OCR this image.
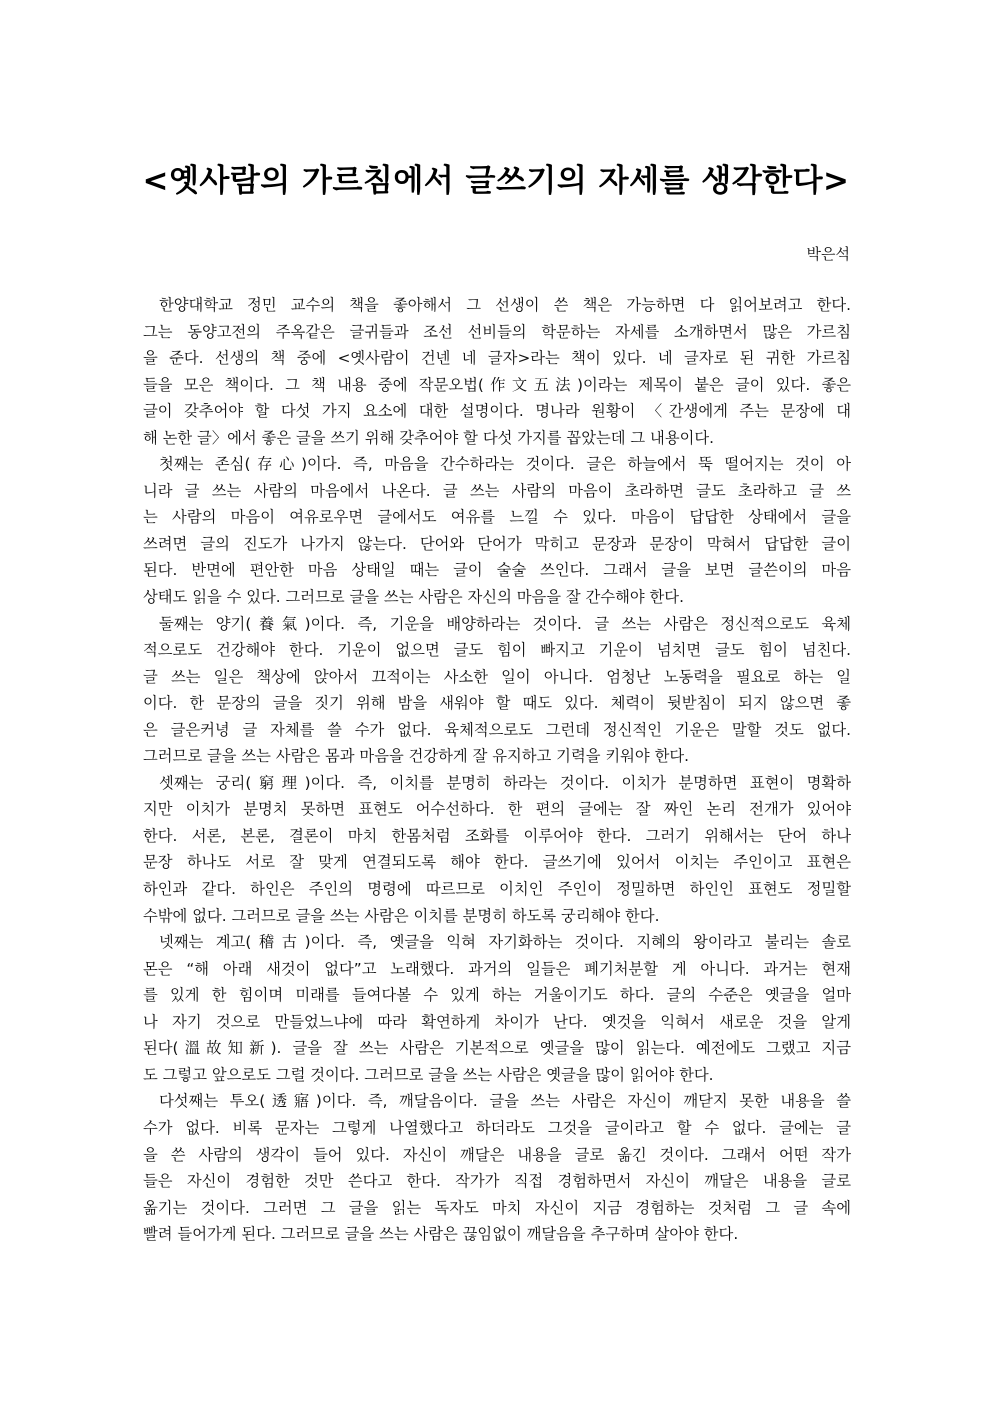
<옛사람의 가르침에서 글쓰기의 자세를 생각한다>
박은석
한양대학교 정민 교수의 책을 좋아해서 그 선생이 쓴 책은 가능하면 다 읽어보려고 한다.
그는 동양고전의 주옥같은 글귀들과 조선 선비들의 학문하는 자세를 소개하면서 많은 가르침
을 준다. 선생의 책 중에 <옛사람이 건넨 네 글자>라는 책이 있다. 네 글자로 된 귀한 가르침
들을 모은 책이다. 그 책 내용 중에 작문오법(作文五法)이라는 제목이 붙은 글이 있다. 좋은
글이 갖추어야 할 다섯 가지 요소에 대한 설명이다. 명나라 원황이 〈간생에게 주는 문장에 대
해 논한 글〉에서 좋은 글을 쓰기 위해 갖추어야 할 다섯 가지를 꼽았는데 그 내용이다.
첫째는 존심(存心)이다. 즉, 마음을 간수하라는 것이다. 글은 하늘에서 뚝 떨어지는 것이 아
니라 글 쓰는 사람의 마음에서 나온다. 글 쓰는 사람의 마음이 초라하면 글도 초라하고 글 쓰
는 사람의 마음이 여유로우면 글에서도 여유를 느낄 수 있다. 마음이 답답한 상태에서 글을
쓰려면 글의 진도가 나가지 않는다. 단어와 단어가 막히고 문장과 문장이 막혀서 답답한 글이
된다. 반면에 편안한 마음 상태일 때는 글이 술술 쓰인다. 그래서 글을 보면 글쓴이의 마음
상태도 읽을 수 있다. 그러므로 글을 쓰는 사람은 자신의 마음을 잘 간수해야 한다.
둘째는 양기(養氣)이다. 즉, 기운을 배양하라는 것이다. 글 쓰는 사람은 정신적으로도 육체
적으로도 건강해야 한다. 기운이 없으면 글도 힘이 빠지고 기운이 넘치면 글도 힘이 넘친다.
글 쓰는 일은 책상에 앉아서 끄적이는 사소한 일이 아니다. 엄청난 노동력을 필요로 하는 일
이다. 한 문장의 글을 짓기 위해 밤을 새워야 할 때도 있다. 체력이 뒷받침이 되지 않으면 좋
은 글은커녕 글 자체를 쓸 수가 없다. 육체적으로도 그런데 정신적인 기운은 말할 것도 없다.
그러므로 글을 쓰는 사람은 몸과 마음을 건강하게 잘 유지하고 기력을 키워야 한다.
셋째는 궁리(窮理)이다. 즉, 이치를 분명히 하라는 것이다. 이치가 분명하면 표현이 명확하
지만 이치가 분명치 못하면 표현도 어수선하다. 한 편의 글에는 잘 짜인 논리 전개가 있어야
한다. 서론, 본론, 결론이 마치 한몸처럼 조화를 이루어야 한다. 그러기 위해서는 단어 하나
문장 하나도 서로 잘 맞게 연결되도록 해야 한다. 글쓰기에 있어서 이치는 주인이고 표현은
하인과 같다. 하인은 주인의 명령에 따르므로 이치인 주인이 정밀하면 하인인 표현도 정밀할
수밖에 없다. 그러므로 글을 쓰는 사람은 이치를 분명히 하도록 궁리해야 한다.
넷째는 계고(稽古)이다. 즉, 옛글을 익혀 자기화하는 것이다. 지혜의 왕이라고 불리는 솔로
몬은 “해 아래 새것이 없다”고 노래했다. 과거의 일들은 폐기처분할 게 아니다. 과거는 현재
를 있게 한 힘이며 미래를 들여다볼 수 있게 하는 거울이기도 하다. 글의 수준은 옛글을 얼마
나 자기 것으로 만들었느냐에 따라 확연하게 차이가 난다. 옛것을 익혀서 새로운 것을 알게
된다(溫故知新). 글을 잘 쓰는 사람은 기본적으로 옛글을 많이 읽는다. 예전에도 그랬고 지금
도 그렇고 앞으로도 그럴 것이다. 그러므로 글을 쓰는 사람은 옛글을 많이 읽어야 한다.
다섯째는 투오(透寤)이다. 즉, 깨달음이다. 글을 쓰는 사람은 자신이 깨닫지 못한 내용을 쓸
수가 없다. 비록 문자는 그렇게 나열했다고 하더라도 그것을 글이라고 할 수 없다. 글에는 글
을 쓴 사람의 생각이 들어 있다. 자신이 깨달은 내용을 글로 옮긴 것이다. 그래서 어떤 작가
들은 자신이 경험한 것만 쓴다고 한다. 작가가 직접 경험하면서 자신이 깨달은 내용을 글로
옮기는 것이다. 그러면 그 글을 읽는 독자도 마치 자신이 지금 경험하는 것처럼 그 글 속에
빨려 들어가게 된다. 그러므로 글을 쓰는 사람은 끊임없이 깨달음을 추구하며 살아야 한다.
